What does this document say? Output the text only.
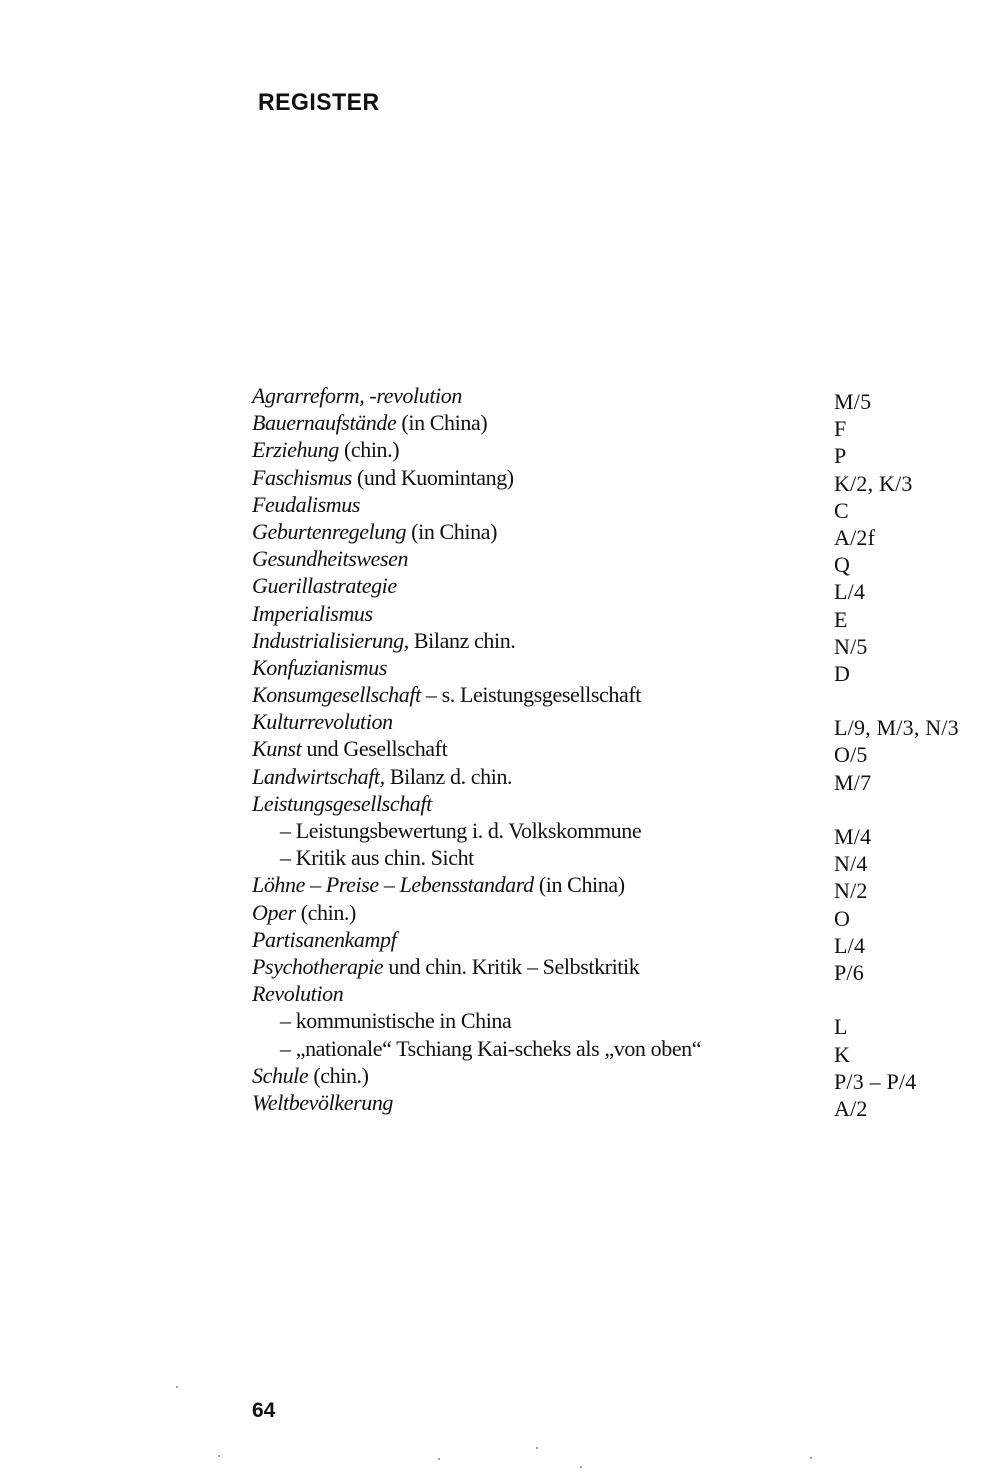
REGISTER
Agrarreform, -revolution	M/5
Bauernaufstände (in China)	F
Erziehung (chin.)	P
Faschismus (und Kuomintang)	K/2, K/3
Feudalismus	C
Geburtenregelung (in China)	A/2f
Gesundheitswesen	Q
Guerillastrategie	L/4
Imperialismus	E
Industrialisierung, Bilanz chin.	N/5
Konfuzianismus	D
Konsumgesellschaft – s. Leistungsgesellschaft
Kulturrevolution	L/9, M/3, N/3
Kunst und Gesellschaft	O/5
Landwirtschaft, Bilanz d. chin.	M/7
Leistungsgesellschaft
– Leistungsbewertung i. d. Volkskommune	M/4
– Kritik aus chin. Sicht	N/4
Löhne – Preise – Lebensstandard (in China)	N/2
Oper (chin.)	O
Partisanenkampf	L/4
Psychotherapie und chin. Kritik – Selbstkritik	P/6
Revolution
– kommunistische in China	L
– „nationale“ Tschiang Kai-scheks als „von oben“	K
Schule (chin.)	P/3 – P/4
Weltbevölkerung	A/2
64
